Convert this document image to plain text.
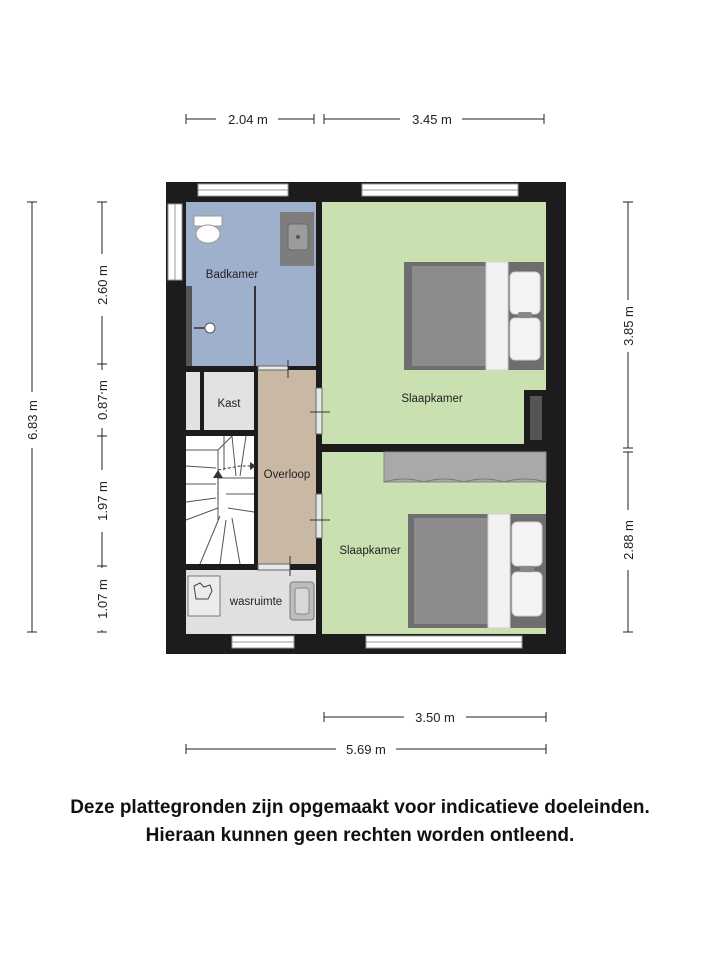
2.04 m	3.45 m
3.50 m
5.69 m
6.83 m
2.60 m
0.87 m
1.97 m
1.07 m
3.85 m
2.88 m
Badkamer
Kast
Overloop
Slaapkamer
Slaapkamer
wasruimte
Deze plattegronden zijn opgemaakt voor indicatieve doeleinden.
Hieraan kunnen geen rechten worden ontleend.
